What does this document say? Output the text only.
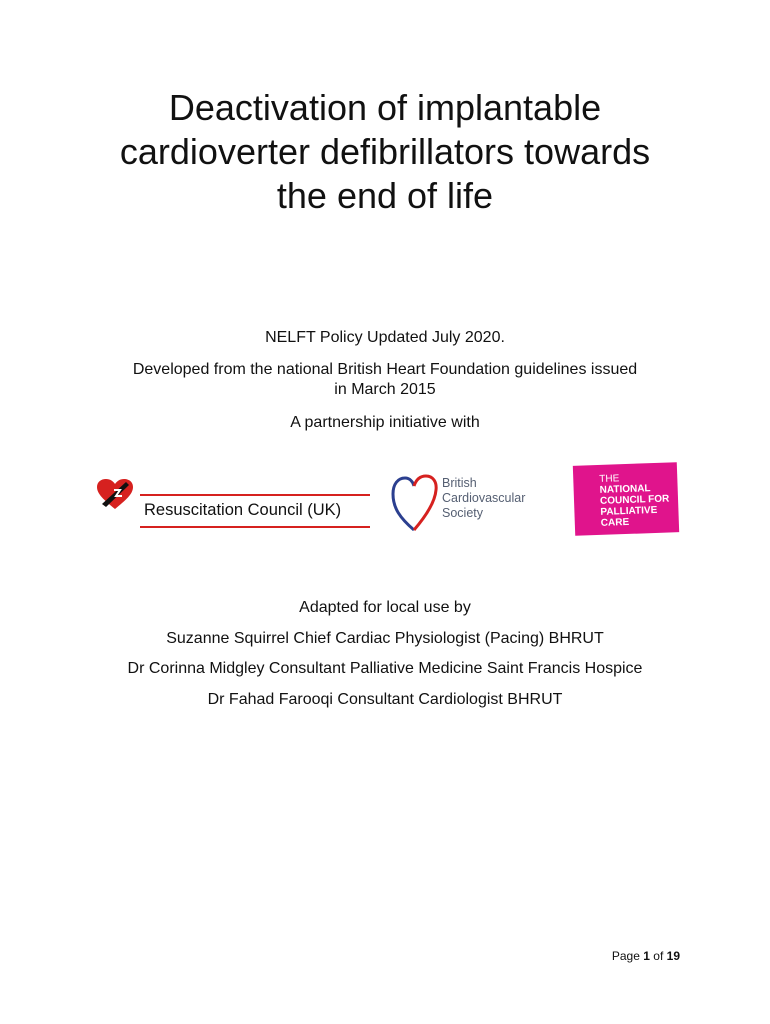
Deactivation of implantable
cardioverter defibrillators towards
the end of life
NELFT Policy Updated July 2020.
Developed from the national British Heart Foundation guidelines issued
in March 2015
A partnership initiative with
Resuscitation Council (UK)
British
Cardiovascular
Society
THE
NATIONAL
COUNCIL FOR
PALLIATIVE
CARE
Adapted for local use by
Suzanne Squirrel Chief Cardiac Physiologist (Pacing) BHRUT
Dr Corinna Midgley Consultant Palliative Medicine Saint Francis Hospice
Dr Fahad Farooqi Consultant Cardiologist BHRUT
Page 1 of 19
